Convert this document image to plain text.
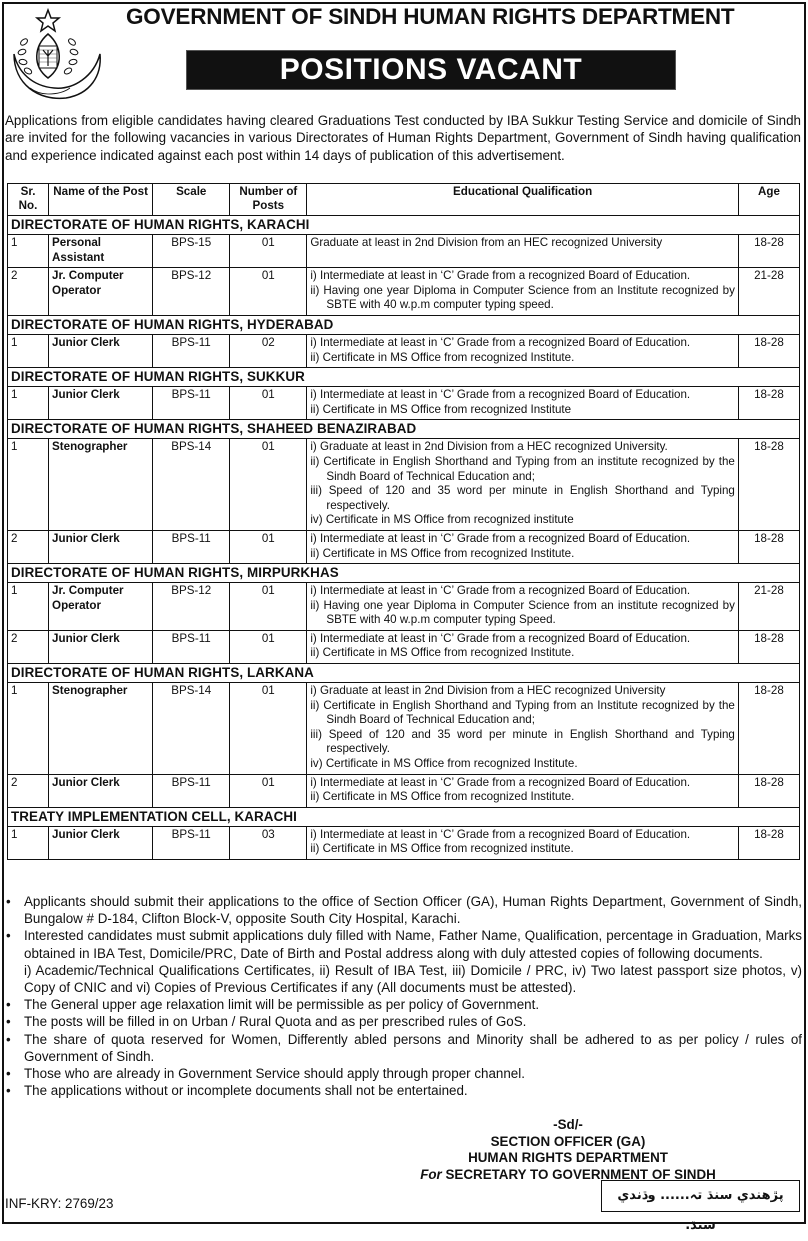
GOVERNMENT OF SINDH HUMAN RIGHTS DEPARTMENT
POSITIONS VACANT
Applications from eligible candidates having cleared Graduations Test conducted by IBA Sukkur Testing Service and domicile of Sindh are invited for the following vacancies in various Directorates of Human Rights Department, Government of Sindh having qualification and experience indicated against each post within 14 days of publication of this advertisement.
Sr. No.	Name of the Post	Scale	Number of Posts	Educational Qualification	Age
DIRECTORATE OF HUMAN RIGHTS, KARACHI					
1	Personal Assistant	BPS-15	01	Graduate at least in 2nd Division from an HEC recognized University	18-28
2	Jr. Computer Operator	BPS-12	01	i) Intermediate at least in ‘C’ Grade from a recognized Board of Education.
ii) Having one year Diploma in Computer Science from an Institute recognized by SBTE with 40 w.p.m computer typing speed.	21-28
DIRECTORATE OF HUMAN RIGHTS, HYDERABAD					
1	Junior Clerk	BPS-11	02	i) Intermediate at least in ‘C’ Grade from a recognized Board of Education.
ii) Certificate in MS Office from recognized Institute.	18-28
DIRECTORATE OF HUMAN RIGHTS, SUKKUR					
1	Junior Clerk	BPS-11	01	i) Intermediate at least in ‘C’ Grade from a recognized Board of Education.
ii) Certificate in MS Office from recognized Institute	18-28
DIRECTORATE OF HUMAN RIGHTS, SHAHEED BENAZIRABAD					
1	Stenographer	BPS-14	01	i) Graduate at least in 2nd Division from a HEC recognized University.
ii) Certificate in English Shorthand and Typing from an institute recognized by the Sindh Board of Technical Education and;
iii) Speed of 120 and 35 word per minute in English Shorthand and Typing respectively.
iv) Certificate in MS Office from recognized institute	18-28
2	Junior Clerk	BPS-11	01	i) Intermediate at least in ‘C’ Grade from a recognized Board of Education.
ii) Certificate in MS Office from recognized Institute.	18-28
DIRECTORATE OF HUMAN RIGHTS, MIRPURKHAS					
1	Jr. Computer Operator	BPS-12	01	i) Intermediate at least in ‘C’ Grade from a recognized Board of Education.
ii) Having one year Diploma in Computer Science from an institute recognized by SBTE with 40 w.p.m computer typing Speed.	21-28
2	Junior Clerk	BPS-11	01	i) Intermediate at least in ‘C’ Grade from a recognized Board of Education.
ii) Certificate in MS Office from recognized Institute.	18-28
DIRECTORATE OF HUMAN RIGHTS, LARKANA					
1	Stenographer	BPS-14	01	i) Graduate at least in 2nd Division from a HEC recognized University
ii) Certificate in English Shorthand and Typing from an Institute recognized by the Sindh Board of Technical Education and;
iii) Speed of 120 and 35 word per minute in English Shorthand and Typing respectively.
iv) Certificate in MS Office from recognized Institute.	18-28
2	Junior Clerk	BPS-11	01	i) Intermediate at least in ‘C’ Grade from a recognized Board of Education.
ii) Certificate in MS Office from recognized Institute.	18-28
TREATY IMPLEMENTATION CELL, KARACHI					
1	Junior Clerk	BPS-11	03	i) Intermediate at least in ‘C’ Grade from a recognized Board of Education.
ii) Certificate in MS Office from recognized institute.	18-28
• Applicants should submit their applications to the office of Section Officer (GA), Human Rights Department, Government of Sindh, Bungalow # D-184, Clifton Block-V, opposite South City Hospital, Karachi.
• Interested candidates must submit applications duly filled with Name, Father Name, Qualification, percentage in Graduation, Marks obtained in IBA Test, Domicile/PRC, Date of Birth and Postal address along with duly attested copies of following documents.
i) Academic/Technical Qualifications Certificates, ii) Result of IBA Test, iii) Domicile / PRC, iv) Two latest passport size photos, v) Copy of CNIC and vi) Copies of Previous Certificates if any (All documents must be attested).
• The General upper age relaxation limit will be permissible as per policy of Government.
• The posts will be filled in on Urban / Rural Quota and as per prescribed rules of GoS.
• The share of quota reserved for Women, Differently abled persons and Minority shall be adhered to as per policy / rules of Government of Sindh.
• Those who are already in Government Service should apply through proper channel.
• The applications without or incomplete documents shall not be entertained.
-Sd/-
SECTION OFFICER (GA)
HUMAN RIGHTS DEPARTMENT
For SECRETARY TO GOVERNMENT OF SINDH
INF-KRY: 2769/23
پڙهندي سنڌ تہ...... وڌندي سنڌ.
